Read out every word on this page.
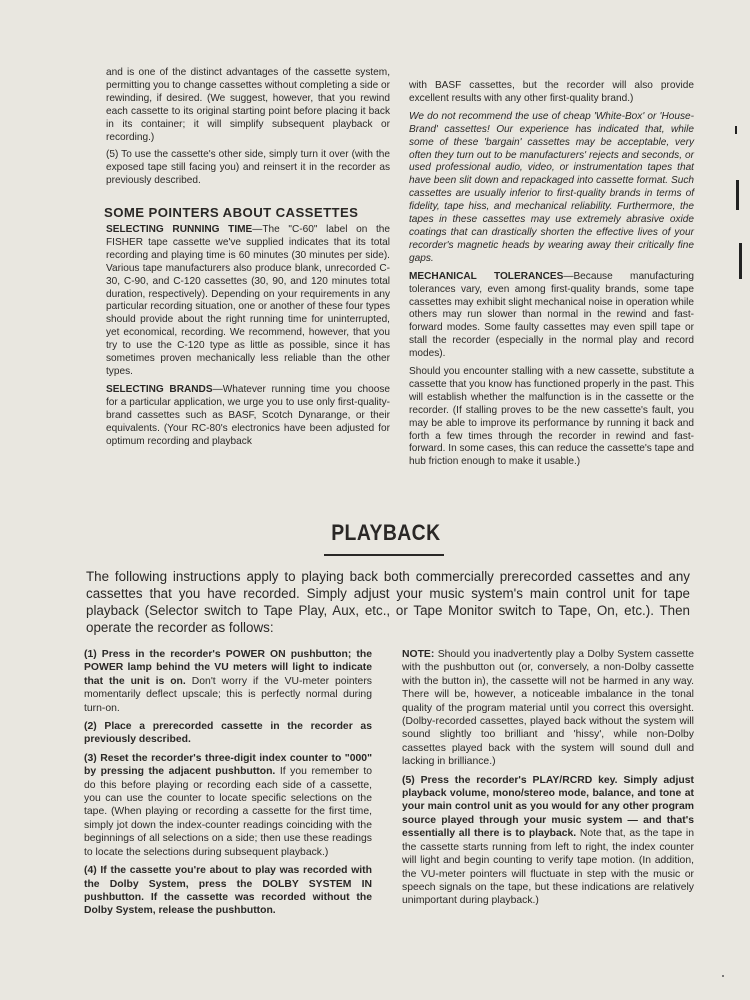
and is one of the distinct advantages of the cassette system, permitting you to change cassettes without completing a side or rewinding, if desired. (We suggest, however, that you rewind each cassette to its original starting point before placing it back in its container; it will simplify subsequent playback or recording.)

(5) To use the cassette's other side, simply turn it over (with the exposed tape still facing you) and reinsert it in the recorder as previously described.

SOME POINTERS ABOUT CASSETTES

SELECTING RUNNING TIME—The "C-60" label on the FISHER tape cassette we've supplied indicates that its total recording and playing time is 60 minutes (30 minutes per side). Various tape manufacturers also produce blank, unrecorded C-30, C-90, and C-120 cassettes (30, 90, and 120 minutes total duration, respectively). Depending on your requirements in any particular recording situation, one or another of these four types should provide about the right running time for uninterrupted, yet economical, recording. We recommend, however, that you try to use the C-120 type as little as possible, since it has sometimes proven mechanically less reliable than the other types.

SELECTING BRANDS—Whatever running time you choose for a particular application, we urge you to use only first-quality-brand cassettes such as BASF, Scotch Dynarange, or their equivalents. (Your RC-80's electronics have been adjusted for optimum recording and playback

with BASF cassettes, but the recorder will also provide excellent results with any other first-quality brand.)

We do not recommend the use of cheap 'White-Box' or 'House-Brand' cassettes! Our experience has indicated that, while some of these 'bargain' cassettes may be acceptable, very often they turn out to be manufacturers' rejects and seconds, or used professional audio, video, or instrumentation tapes that have been slit down and repackaged into cassette format. Such cassettes are usually inferior to first-quality brands in terms of fidelity, tape hiss, and mechanical reliability. Furthermore, the tapes in these cassettes may use extremely abrasive oxide coatings that can drastically shorten the effective lives of your recorder's magnetic heads by wearing away their critically fine gaps.

MECHANICAL TOLERANCES—Because manufacturing tolerances vary, even among first-quality brands, some tape cassettes may exhibit slight mechanical noise in operation while others may run slower than normal in the rewind and fast-forward modes. Some faulty cassettes may even spill tape or stall the recorder (especially in the normal play and record modes).

Should you encounter stalling with a new cassette, substitute a cassette that you know has functioned properly in the past. This will establish whether the malfunction is in the cassette or the recorder. (If stalling proves to be the new cassette's fault, you may be able to improve its performance by running it back and forth a few times through the recorder in rewind and fast-forward. In some cases, this can reduce the cassette's tape and hub friction enough to make it usable.)

PLAYBACK
The following instructions apply to playing back both commercially prerecorded cassettes and any cassettes that you have recorded. Simply adjust your music system's main control unit for tape playback (Selector switch to Tape Play, Aux, etc., or Tape Monitor switch to Tape, On, etc.). Then operate the recorder as follows:

(1) Press in the recorder's POWER ON pushbutton; the POWER lamp behind the VU meters will light to indicate that the unit is on. Don't worry if the VU-meter pointers momentarily deflect upscale; this is perfectly normal during turn-on.

(2) Place a prerecorded cassette in the recorder as previously described.

(3) Reset the recorder's three-digit index counter to "000" by pressing the adjacent pushbutton. If you remember to do this before playing or recording each side of a cassette, you can use the counter to locate specific selections on the tape. (When playing or recording a cassette for the first time, simply jot down the index-counter readings coinciding with the beginnings of all selections on a side; then use these readings to locate the selections during subsequent playback.)

(4) If the cassette you're about to play was recorded with the Dolby System, press the DOLBY SYSTEM IN pushbutton. If the cassette was recorded without the Dolby System, release the pushbutton.

NOTE: Should you inadvertently play a Dolby System cassette with the pushbutton out (or, conversely, a non-Dolby cassette with the button in), the cassette will not be harmed in any way. There will be, however, a noticeable imbalance in the tonal quality of the program material until you correct this oversight. (Dolby-recorded cassettes, played back without the system will sound slightly too brilliant and 'hissy', while non-Dolby cassettes played back with the system will sound dull and lacking in brilliance.)

(5) Press the recorder's PLAY/RCRD key. Simply adjust playback volume, mono/stereo mode, balance, and tone at your main control unit as you would for any other program source played through your music system — and that's essentially all there is to playback. Note that, as the tape in the cassette starts running from left to right, the index counter will light and begin counting to verify tape motion. (In addition, the VU-meter pointers will fluctuate in step with the music or speech signals on the tape, but these indications are relatively unimportant during playback.)
